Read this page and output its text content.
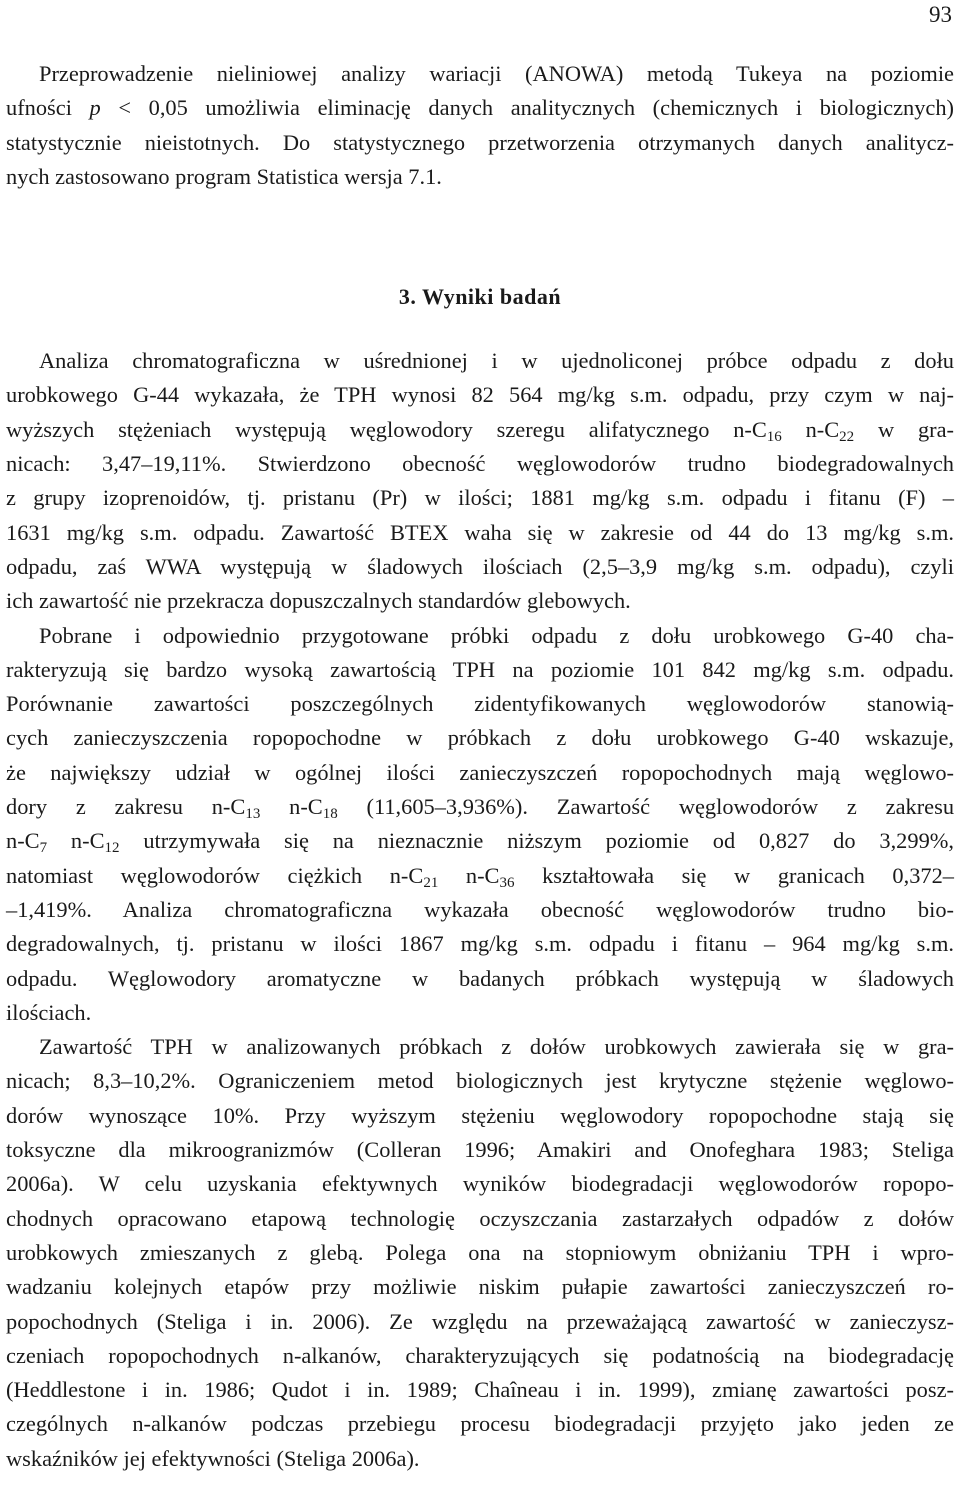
93
Przeprowadzenie nieliniowej analizy wariacji (ANOWA) metodą Tukeya na poziomie
ufności p < 0,05 umożliwia eliminację danych analitycznych (chemicznych i biologicznych)
statystycznie nieistotnych. Do statystycznego przetworzenia otrzymanych danych analitycz-
nych zastosowano program Statistica wersja 7.1.
3. Wyniki badań
Analiza chromatograficzna w uśrednionej i w ujednoliconej próbce odpadu z dołu
urobkowego G-44 wykazała, że TPH wynosi 82 564 mg/kg s.m. odpadu, przy czym w naj-
wyższych stężeniach występują węglowodory szeregu alifatycznego $n-C_{16}$ $n-C_{22}$ w gra-
nicach: 3,47–19,11%. Stwierdzono obecność węglowodorów trudno biodegradowalnych
z grupy izoprenoidów, tj. pristanu (Pr) w ilości; 1881 mg/kg s.m. odpadu i fitanu (F) –
1631 mg/kg s.m. odpadu. Zawartość BTEX waha się w zakresie od 44 do 13 mg/kg s.m.
odpadu, zaś WWA występują w śladowych ilościach (2,5–3,9 mg/kg s.m. odpadu), czyli
ich zawartość nie przekracza dopuszczalnych standardów glebowych.
Pobrane i odpowiednio przygotowane próbki odpadu z dołu urobkowego G-40 cha-
rakteryzują się bardzo wysoką zawartością TPH na poziomie 101 842 mg/kg s.m. odpadu.
Porównanie zawartości poszczególnych zidentyfikowanych węglowodorów stanowią-
cych zanieczyszczenia ropopochodne w próbkach z dołu urobkowego G-40 wskazuje,
że największy udział w ogólnej ilości zanieczyszczeń ropopochodnych mają węglowo-
dory z zakresu $n-C_{13}$ $n-C_{18}$ (11,605–3,936%). Zawartość węglowodorów z zakresu
$n-C_7$ $n-C_{12}$ utrzymywała się na nieznacznie niższym poziomie od 0,827 do 3,299%,
natomiast węglowodorów ciężkich $n-C_{21}$ $n-C_{36}$ kształtowała się w granicach 0,372–
–1,419%. Analiza chromatograficzna wykazała obecność węglowodorów trudno bio-
degradowalnych, tj. pristanu w ilości 1867 mg/kg s.m. odpadu i fitanu – 964 mg/kg s.m.
odpadu. Węglowodory aromatyczne w badanych próbkach występują w śladowych
ilościach.
Zawartość TPH w analizowanych próbkach z dołów urobkowych zawierała się w gra-
nicach; 8,3–10,2%. Ograniczeniem metod biologicznych jest krytyczne stężenie węglowo-
dorów wynoszące 10%. Przy wyższym stężeniu węglowodory ropopochodne stają się
toksyczne dla mikroogranizmów (Colleran 1996; Amakiri and Onofeghara 1983; Steliga
2006a). W celu uzyskania efektywnych wyników biodegradacji węglowodorów ropopo-
chodnych opracowano etapową technologię oczyszczania zastarzałych odpadów z dołów
urobkowych zmieszanych z glebą. Polega ona na stopniowym obniżaniu TPH i wpro-
wadzaniu kolejnych etapów przy możliwie niskim pułapie zawartości zanieczyszczeń ro-
popochodnych (Steliga i in. 2006). Ze względu na przeważającą zawartość w zanieczysz-
czeniach ropopochodnych n-alkanów, charakteryzujących się podatnością na biodegradację
(Heddlestone i in. 1986; Qudot i in. 1989; Chaîneau i in. 1999), zmianę zawartości posz-
czególnych n-alkanów podczas przebiegu procesu biodegradacji przyjęto jako jeden ze
wskaźników jej efektywności (Steliga 2006a).
